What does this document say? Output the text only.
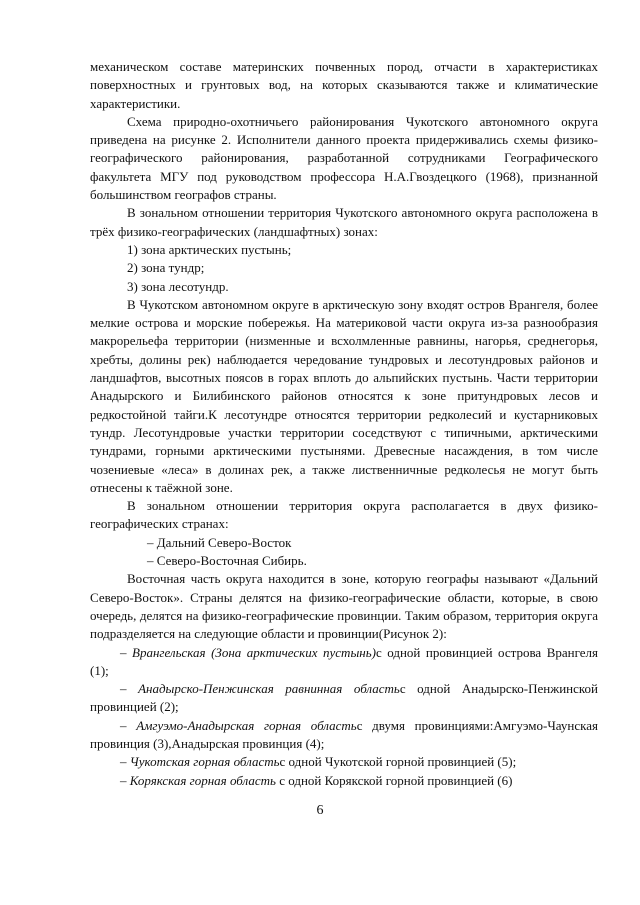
механическом составе материнских почвенных пород, отчасти в характеристиках поверхностных и грунтовых вод, на которых сказываются также и климатические характеристики.

Схема природно-охотничьего районирования Чукотского автономного округа приведена на рисунке 2. Исполнители данного проекта придерживались схемы физико-географического районирования, разработанной сотрудниками Географического факультета МГУ под руководством профессора Н.А.Гвоздецкого (1968), признанной большинством географов страны.

В зональном отношении территория Чукотского автономного округа расположена в трёх физико-географических (ландшафтных) зонах:

1) зона арктических пустынь;

2) зона тундр;

3) зона лесотундр.

В Чукотском автономном округе в арктическую зону входят остров Врангеля, более мелкие острова и морские побережья. На материковой части округа из-за разнообразия макрорельефа территории (низменные и всхолмленные равнины, нагорья, среднегорья, хребты, долины рек) наблюдается чередование тундровых и лесотундровых районов и ландшафтов, высотных поясов в горах вплоть до альпийских пустынь. Части территории Анадырского и Билибинского районов относятся к зоне притундровых лесов и редкостойной тайги.К лесотундре относятся территории редколесий и кустарниковых тундр. Лесотундровые участки территории соседствуют с типичными, арктическими тундрами, горными арктическими пустынями. Древесные насаждения, в том числе чозениевые «леса» в долинах рек, а также лиственничные редколесья не могут быть отнесены к таёжной зоне.

В зональном отношении территория округа располагается в двух физико-географических странах:

– Дальний Северо-Восток

– Северо-Восточная Сибирь.

Восточная часть округа находится в зоне, которую географы называют «Дальний Северо-Восток». Страны делятся на физико-географические области, которые, в свою очередь, делятся на физико-географические провинции. Таким образом, территория округа подразделяется на следующие области и провинции(Рисунок 2):

– Врангельская (Зона арктических пустынь)с одной провинцией острова Врангеля (1);

– Анадырско-Пенжинская равнинная областьс одной Анадырско-Пенжинской провинцией (2);

– Амгуэмо-Анадырская горная областьс двумя провинциями:Амгуэмо-Чаунская провинция (3),Анадырская провинция (4);

– Чукотская горная областьс одной Чукотской горной провинцией (5);

– Корякская горная область с одной Корякской горной провинцией (6)

6
